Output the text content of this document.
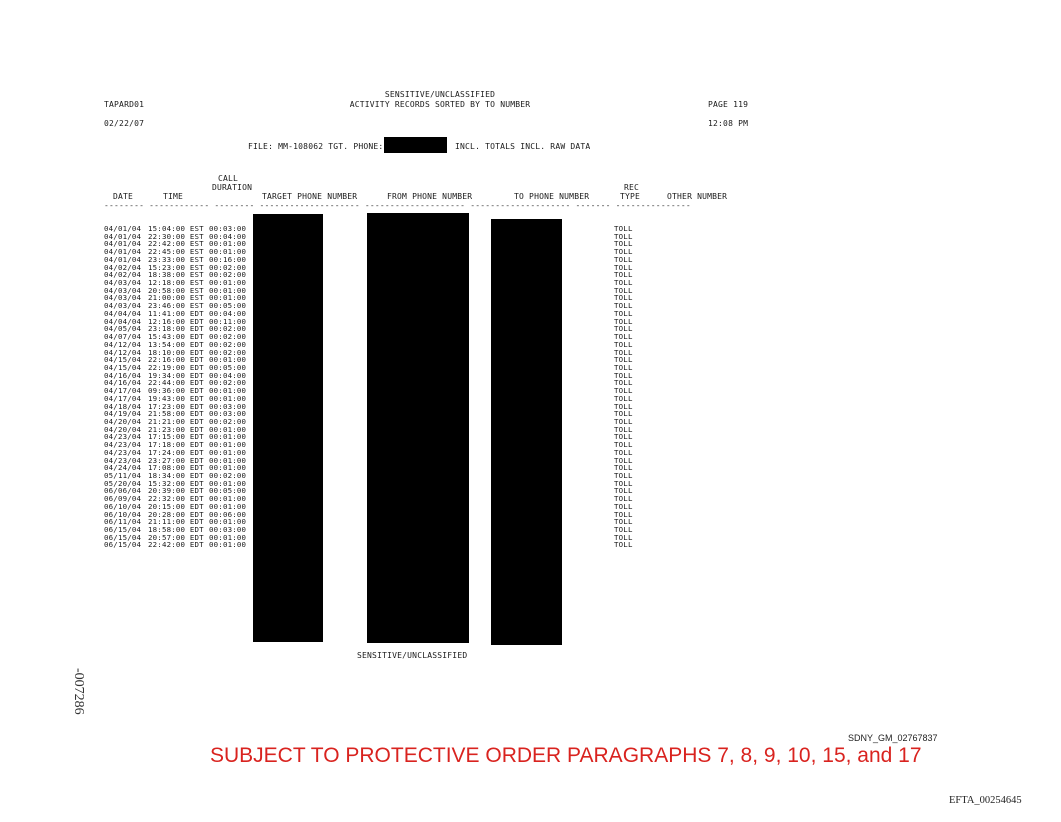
TAPARD01
02/22/07
SENSITIVE/UNCLASSIFIED
ACTIVITY RECORDS SORTED BY TO NUMBER	PAGE 119
12:08 PM
FILE: MM-108062 TGT. PHONE:	INCL. TOTALS INCL. RAW DATA
CALL
DURATION
DATE	TIME	TARGET PHONE NUMBER	FROM PHONE NUMBER	TO PHONE NUMBER
REC
TYPE	OTHER NUMBER
-------- ------------ -------- -------------------- -------------------- -------------------- ------- ---------------
04/01/04 15:04:00 EST 00:03:00	TOLL
04/01/04 22:30:00 EST 00:04:00	TOLL
04/01/04 22:42:00 EST 00:01:00	TOLL
04/01/04 22:45:00 EST 00:01:00	TOLL
04/01/04 23:33:00 EST 00:16:00	TOLL
04/02/04 15:23:00 EST 00:02:00	TOLL
04/02/04 18:38:00 EST 00:02:00	TOLL
04/03/04 12:18:00 EST 00:01:00	TOLL
04/03/04 20:58:00 EST 00:01:00	TOLL
04/03/04 21:00:00 EST 00:01:00	TOLL
04/03/04 23:46:00 EST 00:05:00	TOLL
04/04/04 11:41:00 EDT 00:04:00	TOLL
04/04/04 12:16:00 EDT 00:11:00	TOLL
04/05/04 23:18:00 EDT 00:02:00	TOLL
04/07/04 15:43:00 EDT 00:02:00	TOLL
04/12/04 13:54:00 EDT 00:02:00	TOLL
04/12/04 18:10:00 EDT 00:02:00	TOLL
04/15/04 22:16:00 EDT 00:01:00	TOLL
04/15/04 22:19:00 EDT 00:05:00	TOLL
04/16/04 19:34:00 EDT 00:04:00	TOLL
04/16/04 22:44:00 EDT 00:02:00	TOLL
04/17/04 09:36:00 EDT 00:01:00	TOLL
04/17/04 19:43:00 EDT 00:01:00	TOLL
04/18/04 17:23:00 EDT 00:03:00	TOLL
04/19/04 21:58:00 EDT 00:03:00	TOLL
04/20/04 21:21:00 EDT 00:02:00	TOLL
04/20/04 21:23:00 EDT 00:01:00	TOLL
04/23/04 17:15:00 EDT 00:01:00	TOLL
04/23/04 17:18:00 EDT 00:01:00	TOLL
04/23/04 17:24:00 EDT 00:01:00	TOLL
04/23/04 23:27:00 EDT 00:01:00	TOLL
04/24/04 17:08:00 EDT 00:01:00	TOLL
05/11/04 18:34:00 EDT 00:02:00	TOLL
05/20/04 15:32:00 EDT 00:01:00	TOLL
06/06/04 20:39:00 EDT 00:05:00	TOLL
06/09/04 22:32:00 EDT 00:01:00	TOLL
06/10/04 20:15:00 EDT 00:01:00	TOLL
06/10/04 20:28:00 EDT 00:06:00	TOLL
06/11/04 21:11:00 EDT 00:01:00	TOLL
06/15/04 18:58:00 EDT 00:03:00	TOLL
06/15/04 20:57:00 EDT 00:01:00	TOLL
06/15/04 22:42:00 EDT 00:01:00	TOLL
SENSITIVE/UNCLASSIFIED
-007286
SDNY_GM_02767837
SUBJECT TO PROTECTIVE ORDER PARAGRAPHS 7, 8, 9, 10, 15, and 17
EFTA_00254645
